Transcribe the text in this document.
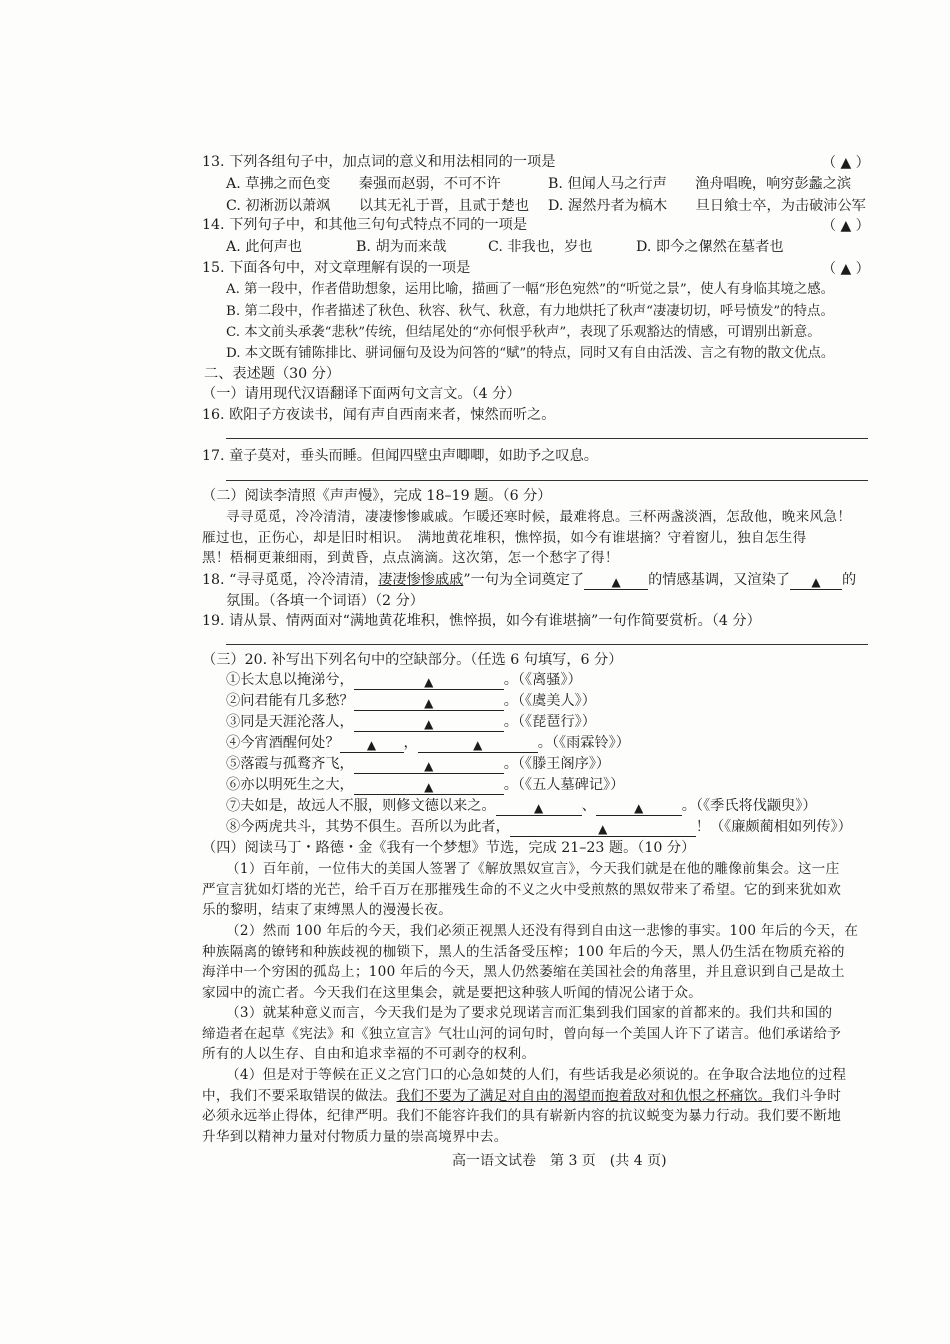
13. 下列各组句子中，加点词的意义和用法相同的一项是	（ ▲ ）
A. 草拂之而色变　　秦强而赵弱，不可不许	B. 但闻人马之行声　　渔舟唱晚，响穷彭蠡之滨
C. 初淅沥以萧飒　　以其无礼于晋，且贰于楚也 D. 渥然丹者为槁木　　旦日飨士卒，为击破沛公军
14. 下列句子中，和其他三句句式特点不同的一项是	（ ▲ ）
A. 此何声也	B. 胡为而来哉	C. 非我也，岁也	D. 即今之傫然在墓者也
15. 下面各句中，对文章理解有误的一项是	（ ▲ ）
A. 第一段中，作者借助想象，运用比喻，描画了一幅“形色宛然”的“听觉之景”，使人有身临其境之感。
B. 第二段中，作者描述了秋色、秋容、秋气、秋意，有力地烘托了秋声“凄凄切切，呼号愤发”的特点。
C. 本文前头承袭“悲秋”传统，但结尾处的“亦何恨乎秋声”，表现了乐观豁达的情感，可谓别出新意。
D. 本文既有铺陈排比、骈词俪句及设为问答的“赋”的特点，同时又有自由活泼、言之有物的散文优点。
二、表述题（30 分）
（一）请用现代汉语翻译下面两句文言文。（4 分）
16. 欧阳子方夜读书，闻有声自西南来者，悚然而听之。
17. 童子莫对，垂头而睡。但闻四壁虫声唧唧，如助予之叹息。
（二）阅读李清照《声声慢》，完成 18–19 题。（6 分）
寻寻觅觅，冷冷清清，凄凄惨惨戚戚。乍暖还寒时候，最难将息。三杯两盏淡酒，怎敌他，晚来风急！
雁过也，正伤心，却是旧时相识。　满地黄花堆积，憔悴损，如今有谁堪摘？守着窗儿，独自怎生得
黑！梧桐更兼细雨，到黄昏，点点滴滴。这次第，怎一个愁字了得！
18. “寻寻觅觅，冷冷清清，凄凄惨惨戚戚”一句为全词奠定了 ▲ 的情感基调，又渲染了 ▲ 的
氛围。（各填一个词语）（2 分）
19. 请从景、情两面对“满地黄花堆积，憔悴损，如今有谁堪摘”一句作简要赏析。（4 分）
（三）20. 补写出下列名句中的空缺部分。（任选 6 句填写，6 分）
①长太息以掩涕兮，	▲	。（《离骚》）
②问君能有几多愁？	▲	。（《虞美人》）
③同是天涯沦落人，	▲	。（《琵琶行》）
④今宵酒醒何处？ ▲ ，	▲	。（《雨霖铃》）
⑤落霞与孤鹜齐飞，	▲	。（《滕王阁序》）
⑥亦以明死生之大，	▲	。（《五人墓碑记》）
⑦夫如是，故远人不服，则修文德以来之。	▲	、	▲	。（《季氏将伐颛臾》）
⑧今两虎共斗，其势不俱生。吾所以为此者，	▲	！（《廉颇蔺相如列传》）
（四）阅读马丁・路德・金《我有一个梦想》节选，完成 21–23 题。（10 分）
（1）百年前，一位伟大的美国人签署了《解放黑奴宣言》，今天我们就是在他的雕像前集会。这一庄
严宣言犹如灯塔的光芒，给千百万在那摧残生命的不义之火中受煎熬的黑奴带来了希望。它的到来犹如欢
乐的黎明，结束了束缚黑人的漫漫长夜。
（2）然而 100 年后的今天，我们必须正视黑人还没有得到自由这一悲惨的事实。100 年后的今天，在
种族隔离的镣铐和种族歧视的枷锁下，黑人的生活备受压榨；100 年后的今天，黑人仍生活在物质充裕的
海洋中一个穷困的孤岛上；100 年后的今天，黑人仍然萎缩在美国社会的角落里，并且意识到自己是故土
家园中的流亡者。今天我们在这里集会，就是要把这种骇人听闻的情况公诸于众。
（3）就某种意义而言，今天我们是为了要求兑现诺言而汇集到我们国家的首都来的。我们共和国的
缔造者在起草《宪法》和《独立宣言》气壮山河的词句时，曾向每一个美国人许下了诺言。他们承诺给予
所有的人以生存、自由和追求幸福的不可剥夺的权利。
（4）但是对于等候在正义之宫门口的心急如焚的人们，有些话我是必须说的。在争取合法地位的过程
中，我们不要采取错误的做法。我们不要为了满足对自由的渴望而抱着敌对和仇恨之杯痛饮。我们斗争时
必须永远举止得体，纪律严明。我们不能容许我们的具有崭新内容的抗议蜕变为暴力行动。我们要不断地
升华到以精神力量对付物质力量的崇高境界中去。
高一语文试卷　第 3 页　(共 4 页)
